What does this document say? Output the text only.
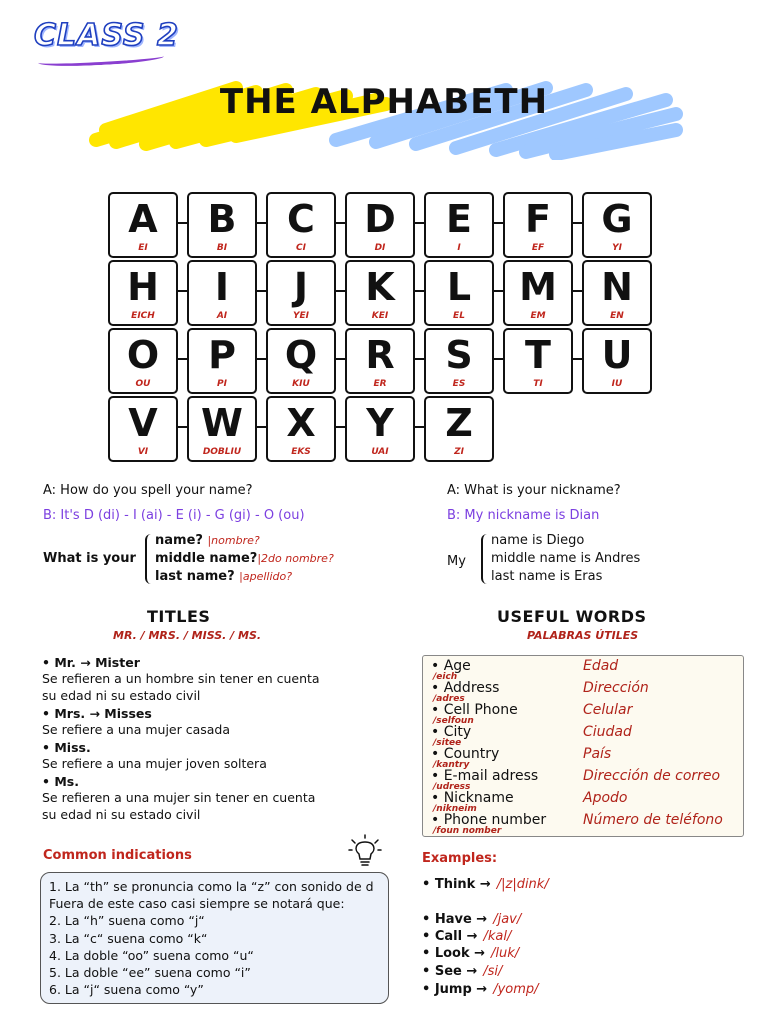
CLASS 2
THE ALPHABETH
A
EI
B
BI
C
CI
D
DI
E
I
F
EF
G
YI
H
EICH
I
AI
J
YEI
K
KEI
L
EL
M
EM
N
EN
O
OU
P
PI
Q
KIU
R
ER
S
ES
T
TI
U
IU
V
VI
W
DOBLIU
X
EKS
Y
UAI
Z
ZI
A: How do you spell your name?
B: It's D (di) - I (ai) - E (i) - G (gi) - O (ou)
What is your
name? |nombre?
middle name?|2do nombre?
last name? |apellido?
A: What is your nickname?
B: My nickname is Dian
My
name is Diego
middle name is Andres
last name is Eras
TITLES
MR. / MRS. / MISS. / MS.
• Mr. → Mister
Se refieren a un hombre sin tener en cuenta
su edad ni su estado civil
• Mrs. → Misses
Se refiere a una mujer casada
• Miss.
Se refiere a una mujer joven soltera
• Ms.
Se refieren a una mujer sin tener en cuenta
su edad ni su estado civil
USEFUL WORDS
PALABRAS ÚTILES
• Age	Edad
/eich
• Address	Dirección
/adres
• Cell Phone	Celular
/selfoun
• City	Ciudad
/sitee
• Country	País
/kantry
• E-mail adress	Dirección de correo
/udress
• Nickname	Apodo
/nikneim
• Phone number	Número de teléfono
/foun nomber
Common indications
1. La “th” se pronuncia como la “z” con sonido de d
Fuera de este caso casi siempre se notará que:
2. La “h” suena como “j“
3. La “c“ suena como “k“
4. La doble “oo” suena como “u“
5. La doble “ee” suena como “i”
6. La “j“ suena como “y”
Examples:
• Think → /|z|dink/
• Have → /jav/
• Call → /kal/
• Look → /luk/
• See → /si/
• Jump → /yomp/
